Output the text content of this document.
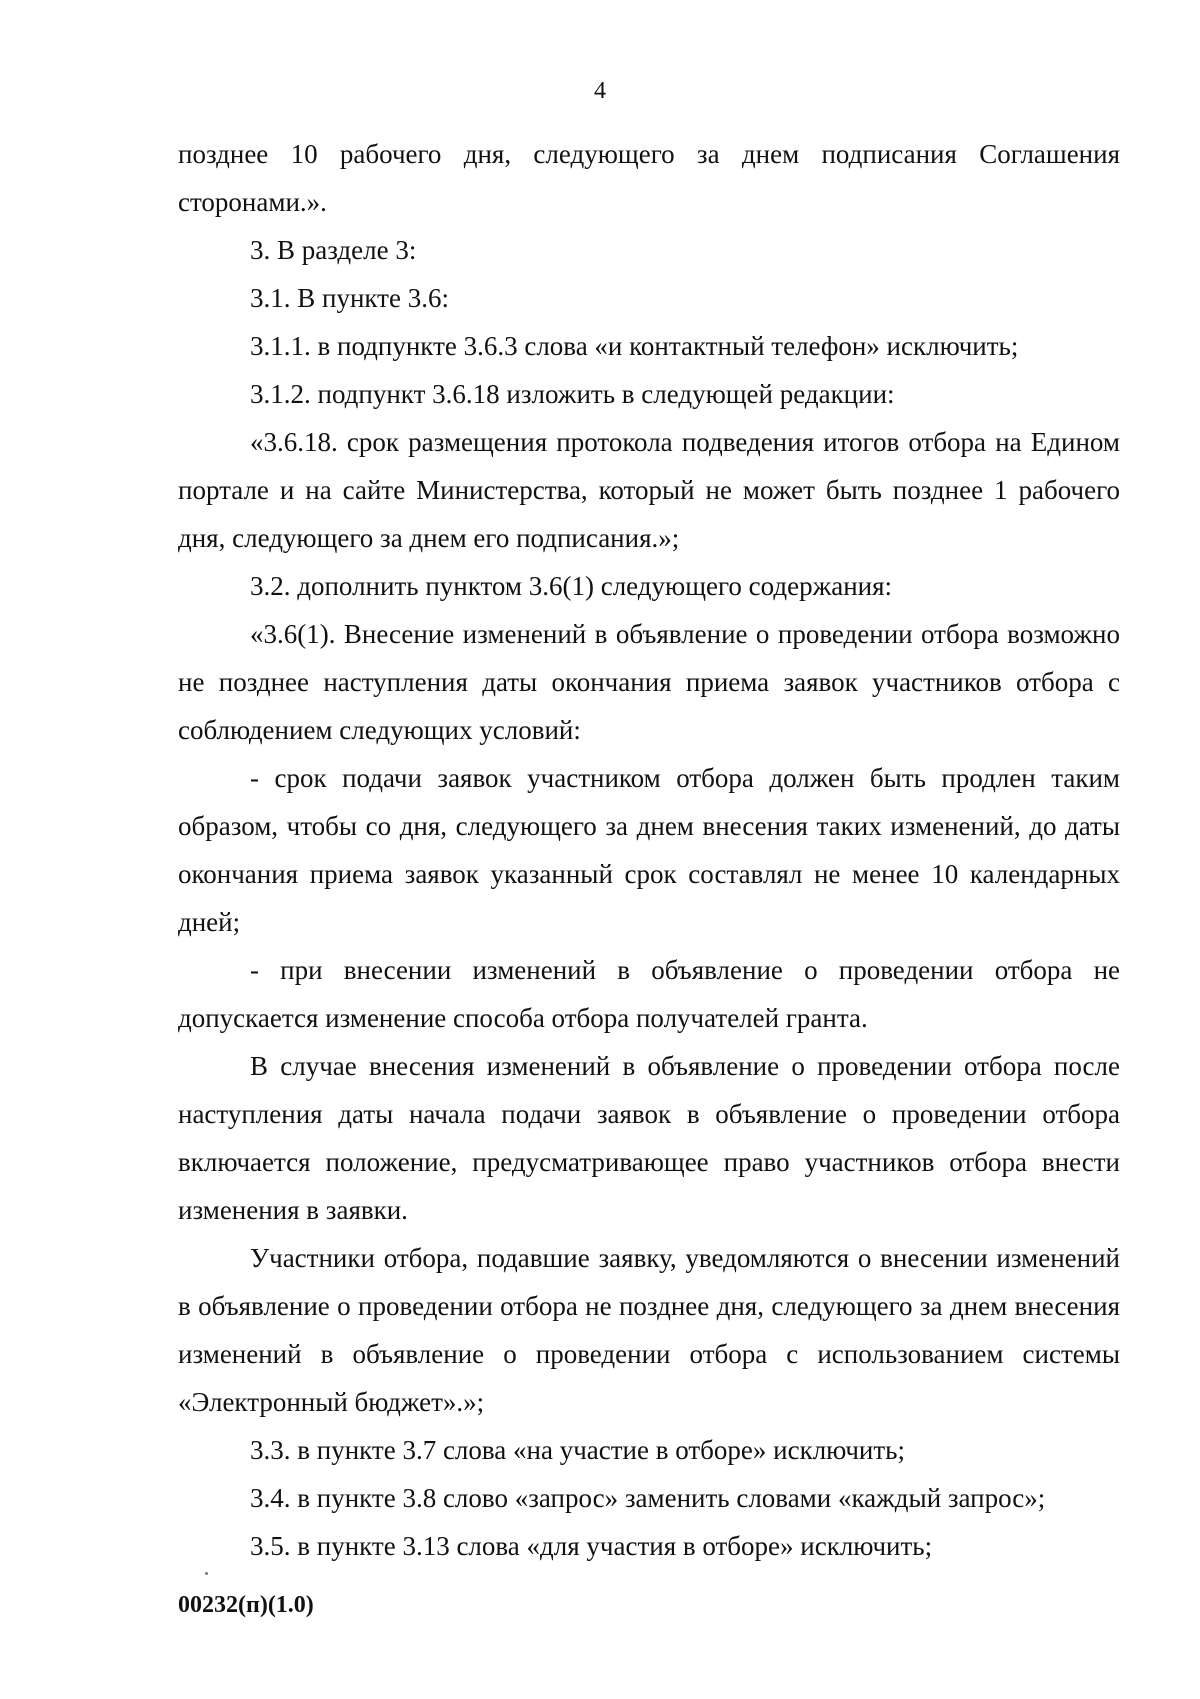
4

позднее 10 рабочего дня, следующего за днем подписания Соглашения сторонами.».

3. В разделе 3:

3.1. В пункте 3.6:

3.1.1. в подпункте 3.6.3 слова «и контактный телефон» исключить;

3.1.2. подпункт 3.6.18 изложить в следующей редакции:

«3.6.18. срок размещения протокола подведения итогов отбора на Едином портале и на сайте Министерства, который не может быть позднее 1 рабочего дня, следующего за днем его подписания.»;

3.2. дополнить пунктом 3.6(1) следующего содержания:

«3.6(1). Внесение изменений в объявление о проведении отбора возможно не позднее наступления даты окончания приема заявок участников отбора с соблюдением следующих условий:

- срок подачи заявок участником отбора должен быть продлен таким образом, чтобы со дня, следующего за днем внесения таких изменений, до даты окончания приема заявок указанный срок составлял не менее 10 календарных дней;

- при внесении изменений в объявление о проведении отбора не допускается изменение способа отбора получателей гранта.

В случае внесения изменений в объявление о проведении отбора после наступления даты начала подачи заявок в объявление о проведении отбора включается положение, предусматривающее право участников отбора внести изменения в заявки.

Участники отбора, подавшие заявку, уведомляются о внесении изменений в объявление о проведении отбора не позднее дня, следующего за днем внесения изменений в объявление о проведении отбора с использованием системы «Электронный бюджет».»;

3.3. в пункте 3.7 слова «на участие в отборе» исключить;

3.4. в пункте 3.8 слово «запрос» заменить словами «каждый запрос»;

3.5. в пункте 3.13 слова «для участия в отборе» исключить;

00232(п)(1.0)
